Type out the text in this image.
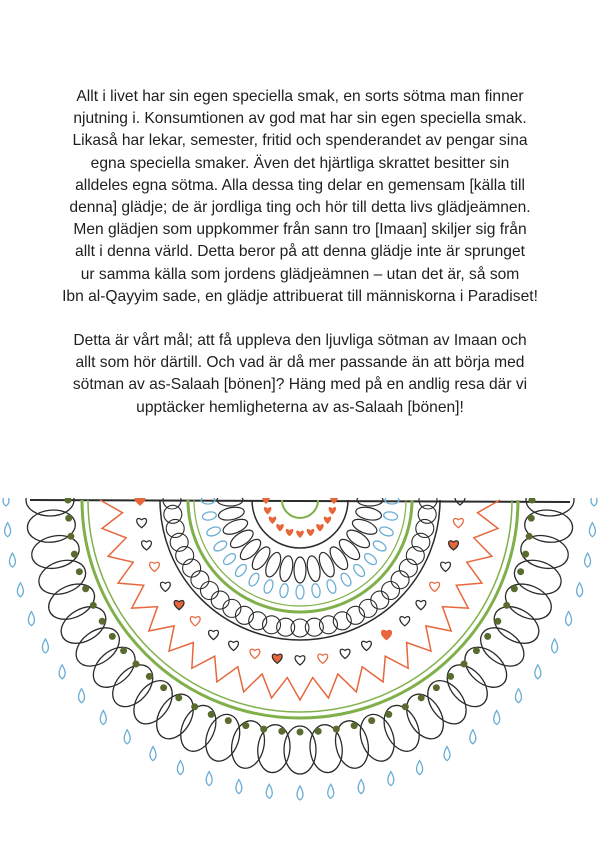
Allt i livet har sin egen speciella smak, en sorts sötma man finner
njutning i. Konsumtionen av god mat har sin egen speciella smak.
Likaså har lekar, semester, fritid och spenderandet av pengar sina
egna speciella smaker. Även det hjärtliga skrattet besitter sin
alldeles egna sötma. Alla dessa ting delar en gemensam [källa till
denna] glädje; de är jordliga ting och hör till detta livs glädjeämnen.
Men glädjen som uppkommer från sann tro [Imaan] skiljer sig från
allt i denna värld. Detta beror på att denna glädje inte är sprunget
ur samma källa som jordens glädjeämnen – utan det är, så som
Ibn al-Qayyim sade, en glädje attribuerat till människorna i Paradiset!

Detta är vårt mål; att få uppleva den ljuvliga sötman av Imaan och
allt som hör därtill. Och vad är då mer passande än att börja med
sötman av as-Salaah [bönen]? Häng med på en andlig resa där vi
upptäcker hemligheterna av as-Salaah [bönen]!
